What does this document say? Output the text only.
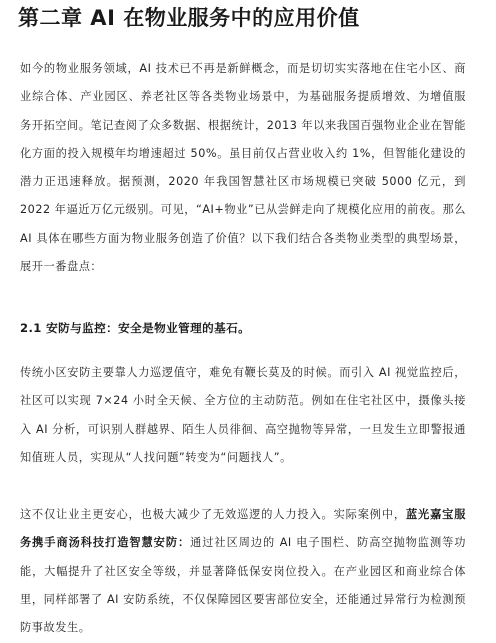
第二章 AI 在物业服务中的应用价值

如今的物业服务领域，AI 技术已不再是新鲜概念，而是切切实实落地在住宅小区、商业综合体、产业园区、养老社区等各类物业场景中，为基础服务提质增效、为增值服务开拓空间。笔记查阅了众多数据、根据统计，2013 年以来我国百强物业企业在智能化方面的投入规模年均增速超过 50%。虽目前仅占营业收入约 1%，但智能化建设的潜力正迅速释放。据预测，2020 年我国智慧社区市场规模已突破 5000 亿元，到 2022 年逼近万亿元级别。可见，“AI+物业”已从尝鲜走向了规模化应用的前夜。那么 AI 具体在哪些方面为物业服务创造了价值？以下我们结合各类物业类型的典型场景，展开一番盘点：

2.1 安防与监控：安全是物业管理的基石。

传统小区安防主要靠人力巡逻值守，难免有鞭长莫及的时候。而引入 AI 视觉监控后，社区可以实现 7×24 小时全天候、全方位的主动防范。例如在住宅社区中，摄像头接入 AI 分析，可识别人群越界、陌生人员徘徊、高空抛物等异常，一旦发生立即警报通知值班人员，实现从“人找问题”转变为“问题找人”。

这不仅让业主更安心，也极大减少了无效巡逻的人力投入。实际案例中，蓝光嘉宝服务携手商汤科技打造智慧安防：通过社区周边的 AI 电子围栏、防高空抛物监测等功能，大幅提升了社区安全等级，并显著降低保安岗位投入。在产业园区和商业综合体里，同样部署了 AI 安防系统，不仅保障园区要害部位安全，还能通过异常行为检测预防事故发生。
